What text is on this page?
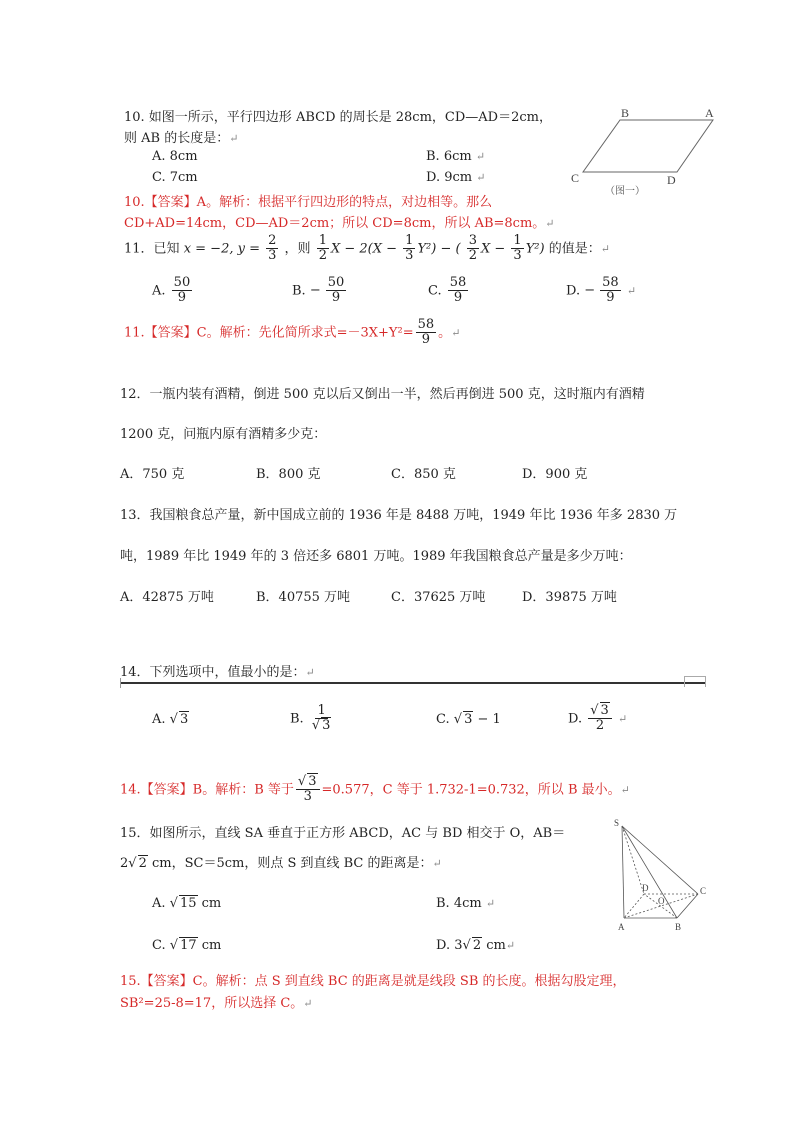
10. 如图一所示，平行四边形 ABCD 的周长是 28cm，CD—AD＝2cm，
则 AB 的长度是：↵
A. 8cm	B. 6cm ↵
C. 7cm	D. 9cm ↵
10.【答案】A。解析：根据平行四边形的特点，对边相等。那么
CD+AD=14cm，CD—AD＝2cm；所以 CD=8cm，所以 AB=8cm。↵
B	A
C	D
（图一）
11．已知 x = −2, $y = \frac{2}{3}$ ，则 $\frac{1}{2}$ $X - 2(X - \frac{1}{3} Y^2)$ − ( $\frac{3}{2}$ $X - \frac{1}{3} Y^2$) 的值是：↵
A. $\frac{50}{9}$	B. − $\frac{50}{9}$	C. $\frac{58}{9}$	D. − $\frac{58}{9}$ ↵
11.【答案】C。解析：先化简所求式$=-3X+Y^2= \frac{58}{9}$ 。↵
12．一瓶内装有酒精，倒进 500 克以后又倒出一半，然后再倒进 500 克，这时瓶内有酒精
1200 克，问瓶内原有酒精多少克：
A．750 克	B．800 克	C．850 克	D．900 克
13．我国粮食总产量，新中国成立前的 1936 年是 8488 万吨，1949 年比 1936 年多 2830 万
吨，1989 年比 1949 年的 3 倍还多 6801 万吨。1989 年我国粮食总产量是多少万吨：
A．42875 万吨	B．40755 万吨	C．37625 万吨	D．39875 万吨
14．下列选项中，值最小的是：↵
A. √ 3	B. $\frac{1}{√ 3}$	C. √ 3 − 1	D. $\frac{√ 3}{2}$ ↵
14.【答案】B。解析：B 等于 $\frac{√ 3}{3} =0.577$，C 等于 1.732-1=0.732，所以 B 最小。↵
15．如图所示，直线 SA 垂直于正方形 ABCD，AC 与 BD 相交于 O，AB＝
2√ 2 cm，SC＝5cm，则点 S 到直线 BC 的距离是：↵
A. √ 15 cm	B. 4cm ↵
C. √ 17 cm	D. 3√ 2 cm↵
15.【答案】C。解析：点 S 到直线 BC 的距离是就是线段 SB 的长度。根据勾股定理，
SB²=25-8=17，所以选择 C。↵
S
A	B
C
D
O
